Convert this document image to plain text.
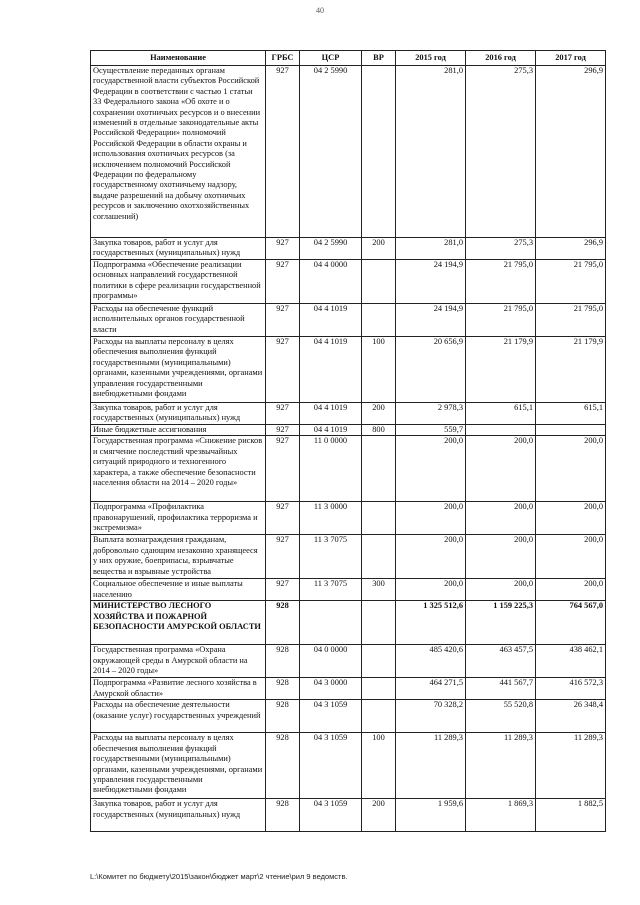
40
Наименование	ГРБС	ЦСР	ВР	2015 год	2016 год	2017 год
Осуществление переданных органам государственной власти субъектов Российской Федерации в соответствии с частью 1 статьи 33 Федерального закона «Об охоте и о сохранении охотничьих ресурсов и о внесении изменений в отдельные законодательные акты Российской Федерации» полномочий Российской Федерации в области охраны и использования охотничьих ресурсов (за исключением полномочий Российской Федерации по федеральному государственному охотничьему надзору, выдаче разрешений на добычу охотничьих ресурсов и заключению охотхозяйственных соглашений)	927	04 2 5990		281,0	275,3	296,9
Закупка товаров, работ и услуг для государственных (муниципальных) нужд	927	04 2 5990	200	281,0	275,3	296,9
Подпрограмма «Обеспечение реализации основных направлений государственной политики в сфере реализации государственной программы»	927	04 4 0000		24 194,9	21 795,0	21 795,0
Расходы на обеспечение функций исполнительных органов государственной власти	927	04 4 1019		24 194,9	21 795,0	21 795,0
Расходы на выплаты персоналу в целях обеспечения выполнения функций государственными (муниципальными) органами, казенными учреждениями, органами управления государственными внебюджетными фондами	927	04 4 1019	100	20 656,9	21 179,9	21 179,9
Закупка товаров, работ и услуг для государственных (муниципальных) нужд	927	04 4 1019	200	2 978,3	615,1	615,1
Иные бюджетные ассигнования	927	04 4 1019	800	559,7		
Государственная программа «Снижение рисков и смягчение последствий чрезвычайных ситуаций природного и техногенного характера, а также обеспечение безопасности населения области на 2014 – 2020 годы»	927	11 0 0000		200,0	200,0	200,0
Подпрограмма «Профилактика правонарушений, профилактика терроризма и экстремизма»	927	11 3 0000		200,0	200,0	200,0
Выплата вознаграждения гражданам, добровольно сдающим незаконно хранящееся у них оружие, боеприпасы, взрывчатые вещества и взрывные устройства	927	11 3 7075		200,0	200,0	200,0
Социальное обеспечение и иные выплаты населению	927	11 3 7075	300	200,0	200,0	200,0
МИНИСТЕРСТВО ЛЕСНОГО ХОЗЯЙСТВА И ПОЖАРНОЙ БЕЗОПАСНОСТИ АМУРСКОЙ ОБЛАСТИ	928			1 325 512,6	1 159 225,3	764 567,0
Государственная программа «Охрана окружающей среды в Амурской области на 2014 – 2020 годы»	928	04 0 0000		485 420,6	463 457,5	438 462,1
Подпрограмма «Развитие лесного хозяйства в Амурской области»	928	04 3 0000		464 271,5	441 567,7	416 572,3
Расходы на обеспечение деятельности (оказание услуг) государственных учреждений	928	04 3 1059		70 328,2	55 520,8	26 348,4
Расходы на выплаты персоналу в целях обеспечения выполнения функций государственными (муниципальными) органами, казенными учреждениями, органами управления государственными внебюджетными фондами	928	04 3 1059	100	11 289,3	11 289,3	11 289,3
Закупка товаров, работ и услуг для государственных (муниципальных) нужд	928	04 3 1059	200	1 959,6	1 869,3	1 882,5
L:\Комитет по бюджету\2015\закон\бюджет март\2 чтение\рил 9 ведомств.
